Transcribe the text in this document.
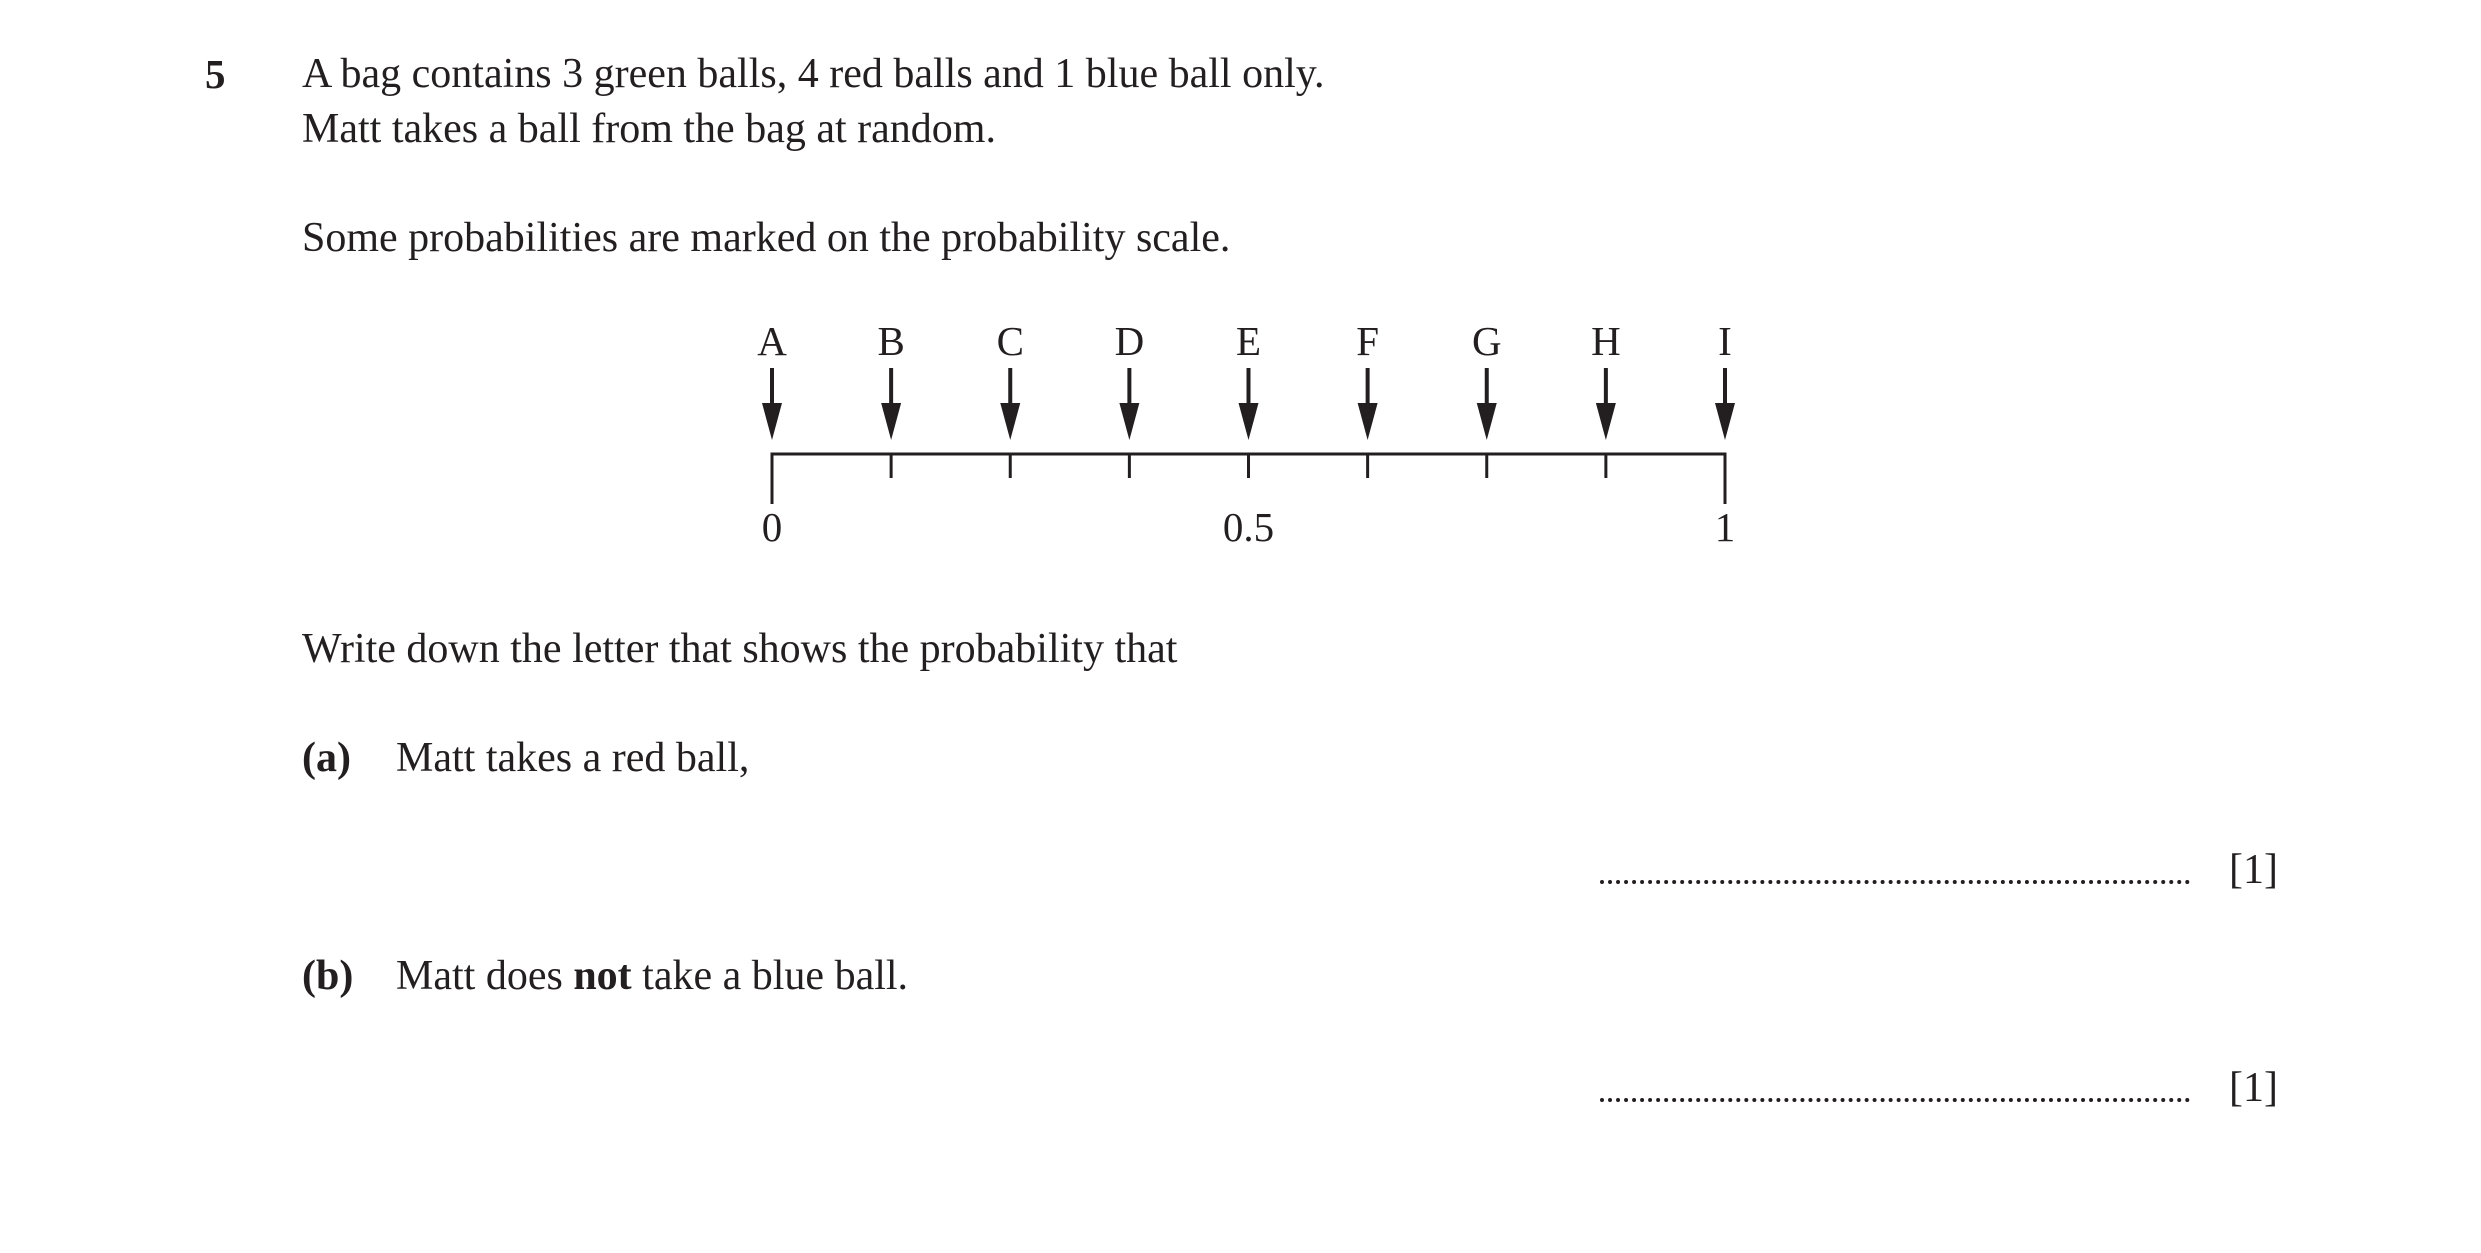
5 A bag contains 3 green balls, 4 red balls and 1 blue ball only.
Matt takes a ball from the bag at random.
Some probabilities are marked on the probability scale.
A B C D E F G H I
0	0.5	1
Write down the letter that shows the probability that
(a) Matt takes a red ball,
[1]
(b) Matt does not take a blue ball.
[1]
